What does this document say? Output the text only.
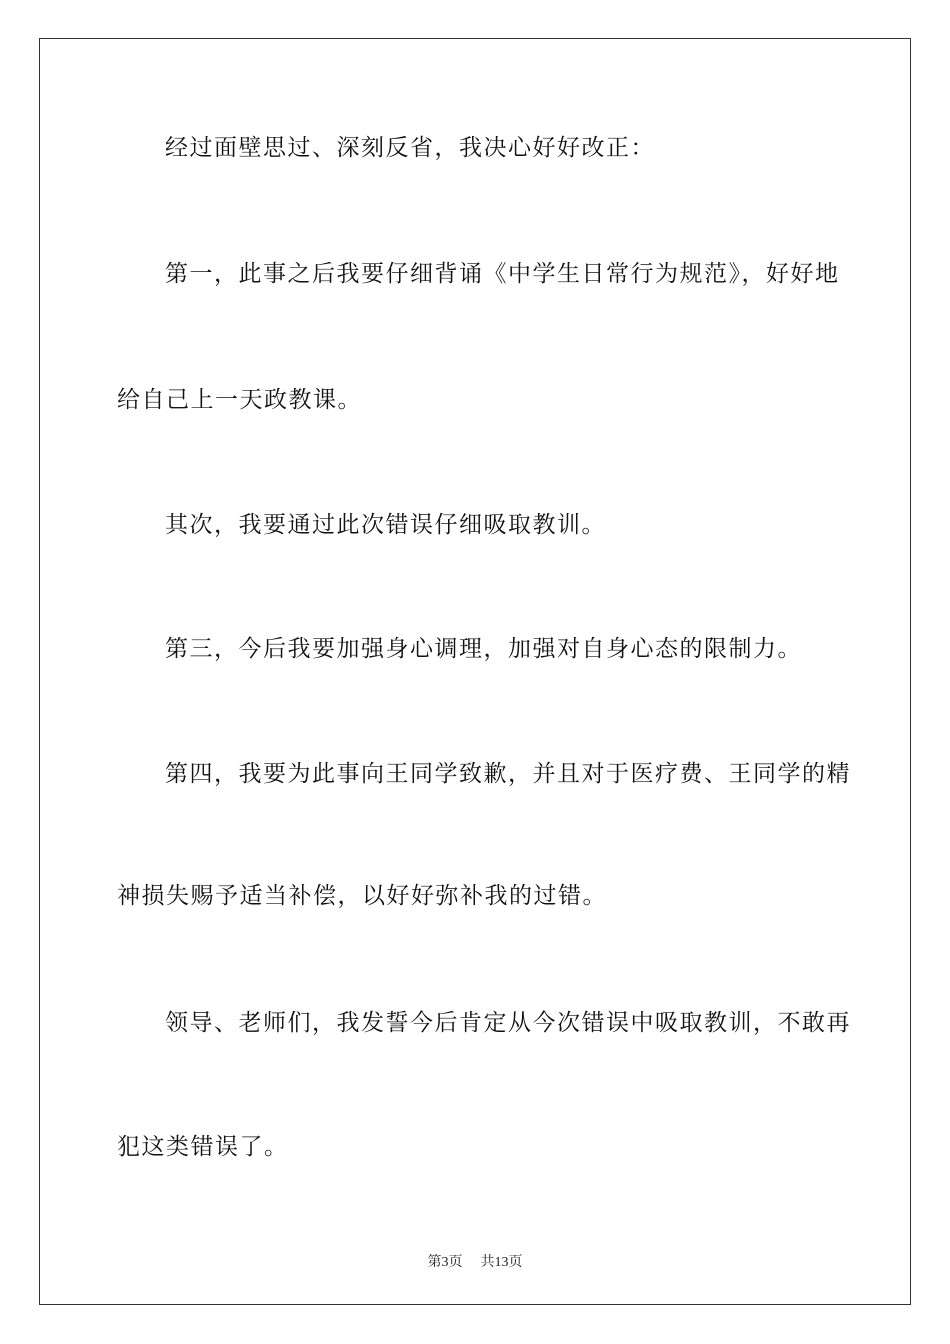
经过面壁思过、深刻反省，我决心好好改正：

第一，此事之后我要仔细背诵《中学生日常行为规范》，好好地

给自己上一天政教课。

其次，我要通过此次错误仔细吸取教训。

第三，今后我要加强身心调理，加强对自身心态的限制力。

第四，我要为此事向王同学致歉，并且对于医疗费、王同学的精

神损失赐予适当补偿，以好好弥补我的过错。

领导、老师们，我发誓今后肯定从今次错误中吸取教训，不敢再

犯这类错误了。

第3页 共13页
